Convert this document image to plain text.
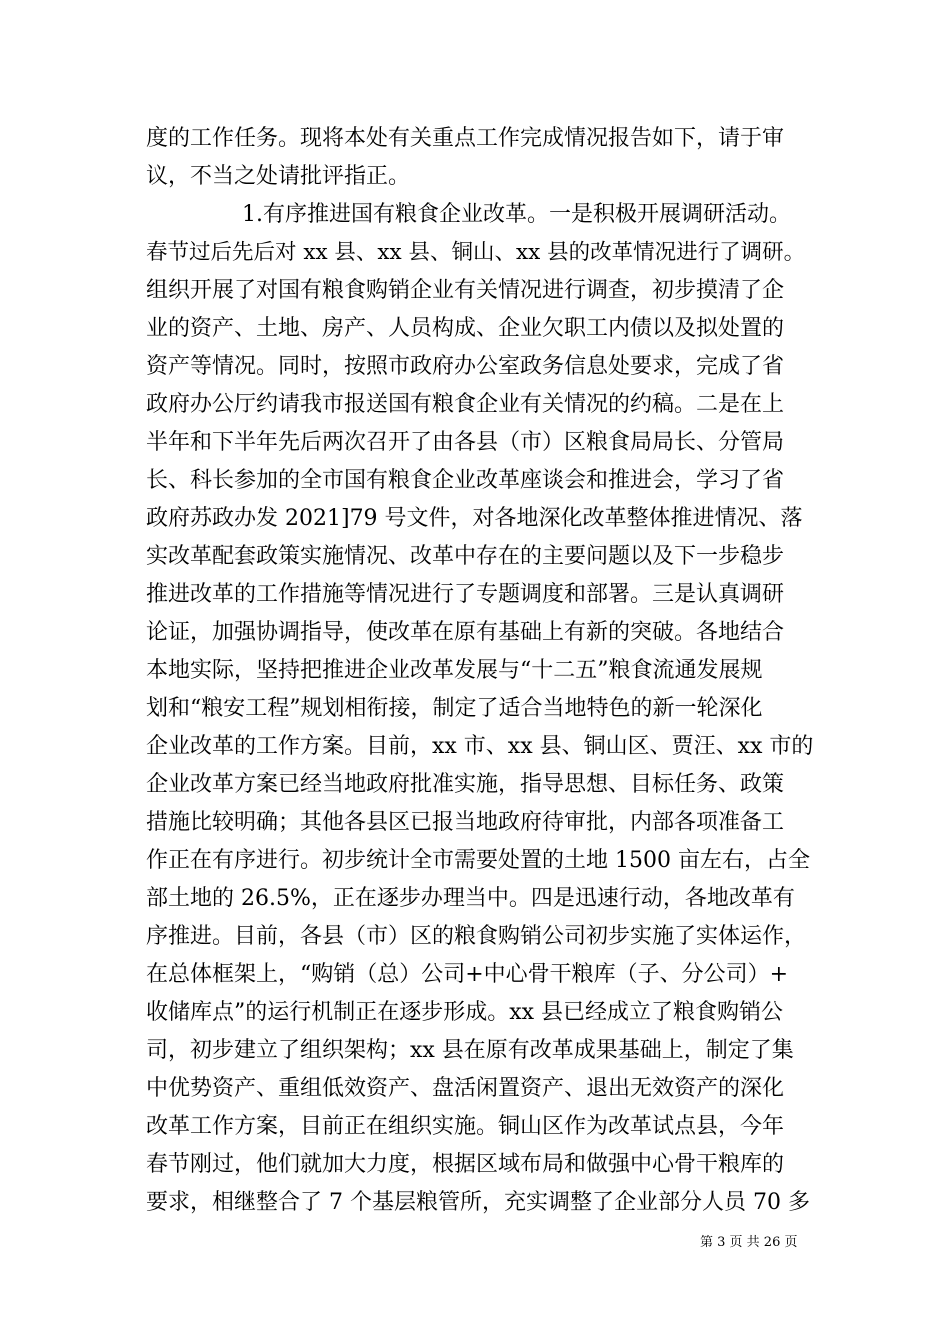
度的工作任务。现将本处有关重点工作完成情况报告如下，请于审
议，不当之处请批评指正。
1.有序推进国有粮食企业改革。一是积极开展调研活动。
春节过后先后对 xx 县、xx 县、铜山、xx 县的改革情况进行了调研。
组织开展了对国有粮食购销企业有关情况进行调查，初步摸清了企
业的资产、土地、房产、人员构成、企业欠职工内债以及拟处置的
资产等情况。同时，按照市政府办公室政务信息处要求，完成了省
政府办公厅约请我市报送国有粮食企业有关情况的约稿。二是在上
半年和下半年先后两次召开了由各县（市）区粮食局局长、分管局
长、科长参加的全市国有粮食企业改革座谈会和推进会，学习了省
政府苏政办发 2021]79 号文件，对各地深化改革整体推进情况、落
实改革配套政策实施情况、改革中存在的主要问题以及下一步稳步
推进改革的工作措施等情况进行了专题调度和部署。三是认真调研
论证，加强协调指导，使改革在原有基础上有新的突破。各地结合
本地实际，坚持把推进企业改革发展与“十二五”粮食流通发展规
划和“粮安工程”规划相衔接，制定了适合当地特色的新一轮深化
企业改革的工作方案。目前，xx 市、xx 县、铜山区、贾汪、xx 市的
企业改革方案已经当地政府批准实施，指导思想、目标任务、政策
措施比较明确；其他各县区已报当地政府待审批，内部各项准备工
作正在有序进行。初步统计全市需要处置的土地 1500 亩左右，占全
部土地的 26.5%，正在逐步办理当中。四是迅速行动，各地改革有
序推进。目前，各县（市）区的粮食购销公司初步实施了实体运作，
在总体框架上，“购销（总）公司+中心骨干粮库（子、分公司）+
收储库点”的运行机制正在逐步形成。xx 县已经成立了粮食购销公
司，初步建立了组织架构；xx 县在原有改革成果基础上，制定了集
中优势资产、重组低效资产、盘活闲置资产、退出无效资产的深化
改革工作方案，目前正在组织实施。铜山区作为改革试点县，今年
春节刚过，他们就加大力度，根据区域布局和做强中心骨干粮库的
要求，相继整合了 7 个基层粮管所，充实调整了企业部分人员 70 多
第 3 页 共 26 页
